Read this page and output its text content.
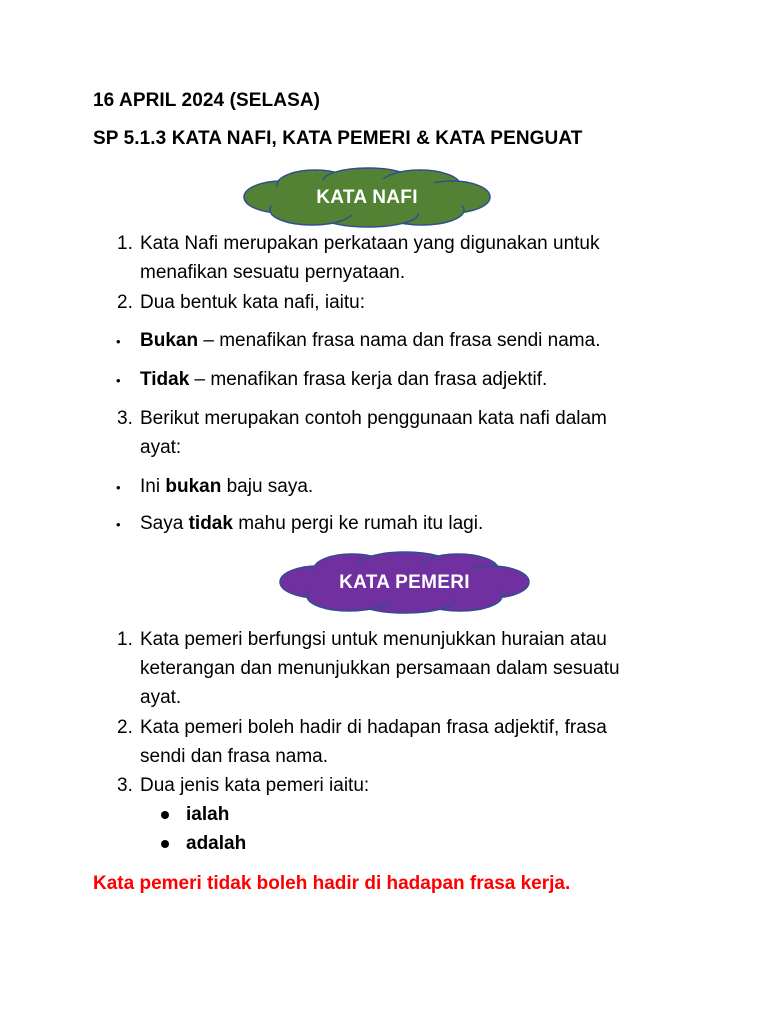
16 APRIL 2024 (SELASA)
SP 5.1.3 KATA NAFI, KATA PEMERI & KATA PENGUAT
KATA NAFI
1. Kata Nafi merupakan perkataan yang digunakan untuk
menafikan sesuatu pernyataan.
2. Dua bentuk kata nafi, iaitu:
• Bukan – menafikan frasa nama dan frasa sendi nama.
• Tidak – menafikan frasa kerja dan frasa adjektif.
3. Berikut merupakan contoh penggunaan kata nafi dalam
ayat:
• Ini bukan baju saya.
• Saya tidak mahu pergi ke rumah itu lagi.
KATA PEMERI
1. Kata pemeri berfungsi untuk menunjukkan huraian atau
keterangan dan menunjukkan persamaan dalam sesuatu
ayat.
2. Kata pemeri boleh hadir di hadapan frasa adjektif, frasa
sendi dan frasa nama.
3. Dua jenis kata pemeri iaitu:
ialah
adalah
Kata pemeri tidak boleh hadir di hadapan frasa kerja.
